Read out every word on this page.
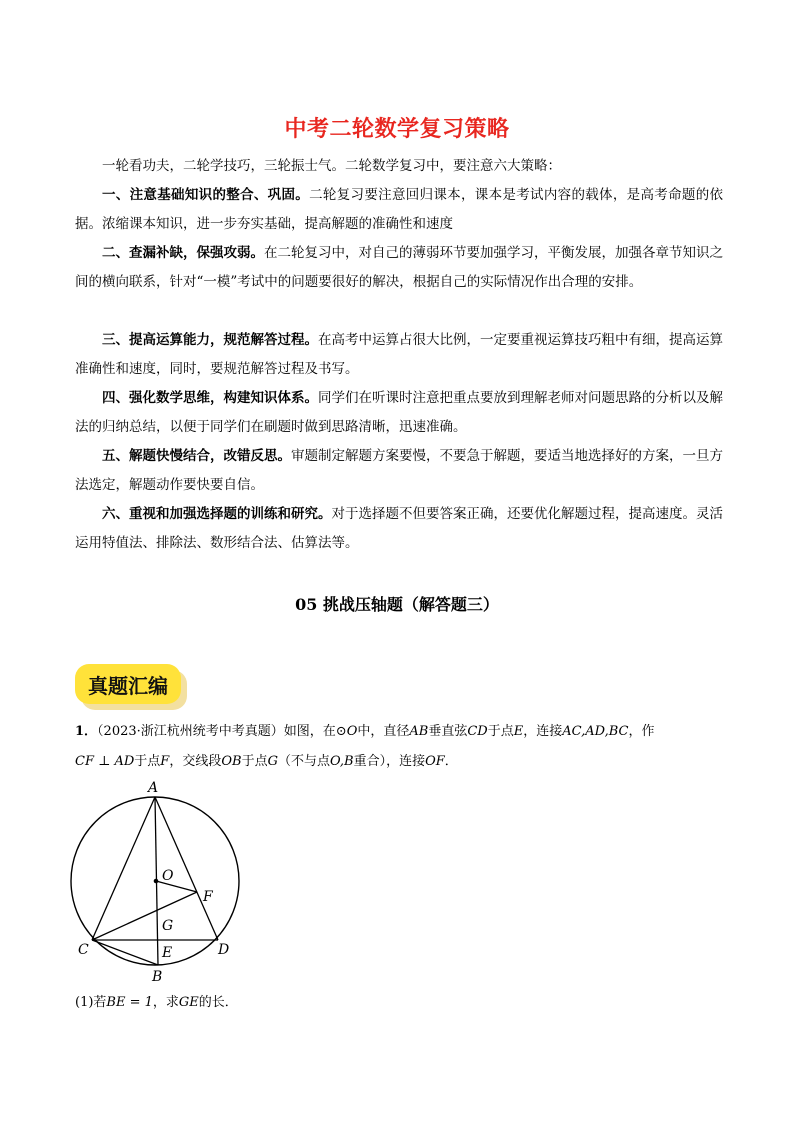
中考二轮数学复习策略

一轮看功夫，二轮学技巧，三轮振士气。二轮数学复习中，要注意六大策略：

一、注意基础知识的整合、巩固。二轮复习要注意回归课本，课本是考试内容的载体，是高考命题的依据。浓缩课本知识，进一步夯实基础，提高解题的准确性和速度

二、查漏补缺，保强攻弱。在二轮复习中，对自己的薄弱环节要加强学习，平衡发展，加强各章节知识之间的横向联系，针对“一模”考试中的问题要很好的解决，根据自己的实际情况作出合理的安排。

三、提高运算能力，规范解答过程。在高考中运算占很大比例，一定要重视运算技巧粗中有细，提高运算准确性和速度，同时，要规范解答过程及书写。

四、强化数学思维，构建知识体系。同学们在听课时注意把重点要放到理解老师对问题思路的分析以及解法的归纳总结，以便于同学们在刷题时做到思路清晰，迅速准确。

五、解题快慢结合，改错反思。审题制定解题方案要慢，不要急于解题，要适当地选择好的方案，一旦方法选定，解题动作要快要自信。

六、重视和加强选择题的训练和研究。对于选择题不但要答案正确，还要优化解题过程，提高速度。灵活运用特值法、排除法、数形结合法、估算法等。

05 挑战压轴题（解答题三）
真题汇编

1．（2023·浙江杭州统考中考真题）如图，在⊙O中，直径AB垂直弦CD于点E，连接AC,AD,BC，作
CF ⊥ AD于点F，交线段OB于点G（不与点O,B重合），连接OF．

A
O
F
G
C	E	D
B

(1)若BE = 1，求GE的长．
